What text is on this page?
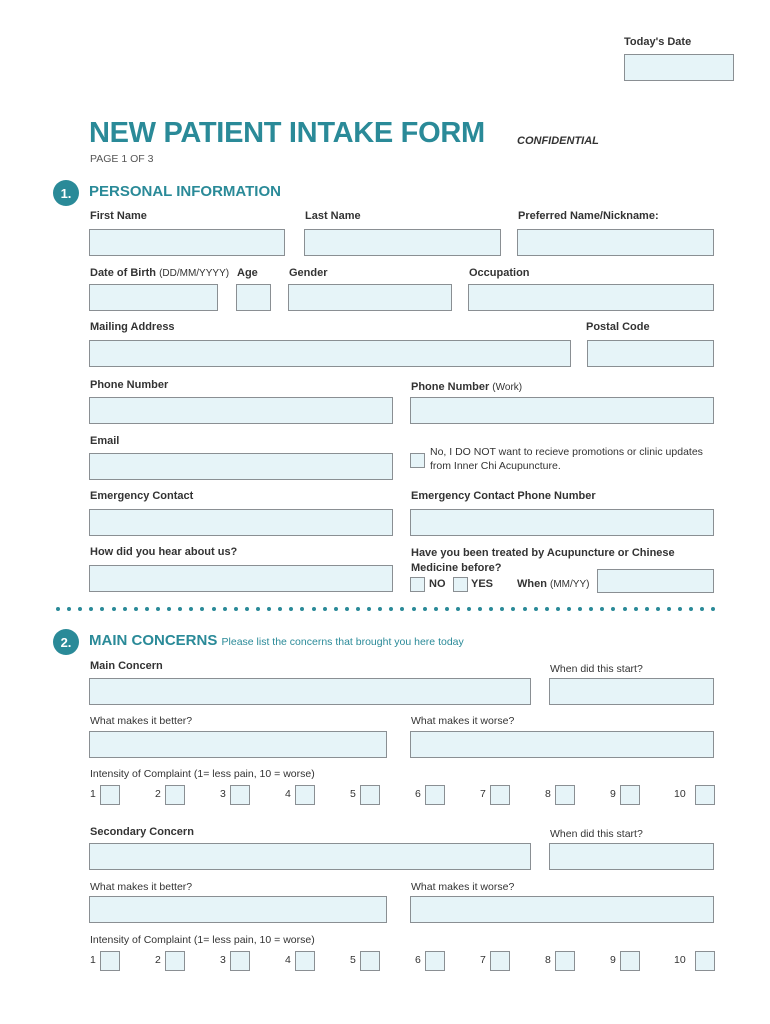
Today's Date
NEW PATIENT INTAKE FORM	CONFIDENTIAL
PAGE 1 OF 3
1.	PERSONAL INFORMATION
First Name	Last Name	Preferred Name/Nickname:
Date of Birth (DD/MM/YYYY) Age	Gender	Occupation
Mailing Address	Postal Code
Phone Number	Phone Number (Work)
Email
No, I DO NOT want to recieve promotions or clinic updates
from Inner Chi Acupuncture.
Emergency Contact	Emergency Contact Phone Number
How did you hear about us?	Have you been treated by Acupuncture or Chinese
Medicine before?
NO YES When (MM/YY)
2.	MAIN CONCERNS Please list the concerns that brought you here today
Main Concern	When did this start?
What makes it better?	What makes it worse?
Intensity of Complaint (1= less pain, 10 = worse)
1	2	3	4	5	6	7	8	9	10
Secondary Concern	When did this start?
What makes it better?	What makes it worse?
Intensity of Complaint (1= less pain, 10 = worse)
1	2	3	4	5	6	7	8	9	10
